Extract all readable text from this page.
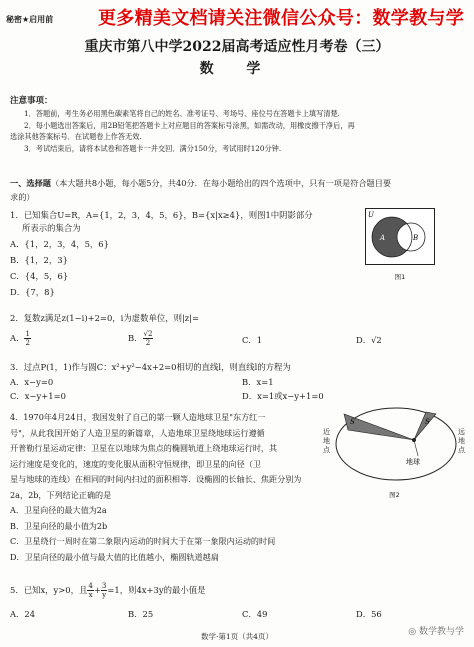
秘密★启用前 更多精美文档请关注微信公众号：数学教与学
重庆市第八中学2022届高考适应性月考卷（三）
数 学
注意事项：
1．答题前，考生务必用黑色碳素笔将自己的姓名、准考证号、考场号、座位号在答题卡上填写清楚.
2．每小题选出答案后，用2B铅笔把答题卡上对应题目的答案标号涂黑，如需改动，用橡皮擦干净后，再
选涂其他答案标号．在试题卷上作答无效.
3．考试结束后，请将本试卷和答题卡一并交回．满分150分，考试用时120分钟.
一、选择题（本大题共8小题，每小题5分，共40分．在每小题给出的四个选项中，只有一项是符合题目要
求的）
1．已知集合U=R，A={1，2，3，4，5，6}，B={x|x≥4}，则图1中阴影部分
所表示的集合为
A．{1，2，3，4，5，6}
B．{1，2，3}
C．{4，5，6}
D．{7，8}
U
A	B
图1
2．复数z满足z(1−i)+2=0，i为虚数单位，则|z|=
A． $\frac{1}{2}$	B． $\frac{√2}{2}$	C．1	D．√2
3．过点P(1，1)作与圆C：x²+y²−4x+2=0相切的直线l，则直线l的方程为
A．x−y=0	B．x=1
C．x−y+1=0	D．x=1或x−y+1=0
4．1970年4月24日，我国发射了自己的第一颗人造地球卫星"东方红一
号"，从此我国开始了人造卫星的新篇章，人造地球卫星绕地球运行遵循
开普勒行星运动定律：卫星在以地球为焦点的椭圆轨道上绕地球运行时，其
运行速度是变化的，速度的变化服从面积守恒规律，即卫星的向径（卫
星与地球的连线）在相同的时间内扫过的面积相等．设椭圆的长轴长、焦距分别为
2a，2b，下列结论正确的是
A．卫星向径的最大值为2a
B．卫星向径的最小值为2b
C．卫星绕行一周时在第二象限内运动的时间大于在第一象限内运动的时间
D．卫星向径的最小值与最大值的比值越小，椭圆轨道越扁
S	S
地球
近地点
远地点
图2
5．已知x，y>0，且 $\frac{4}{x} + \frac{3}{y} =1$，则4x+3y的最小值是
A．24	B．25	C．49	D．56
数学·第1页（共4页）	◎ 数学教与学
